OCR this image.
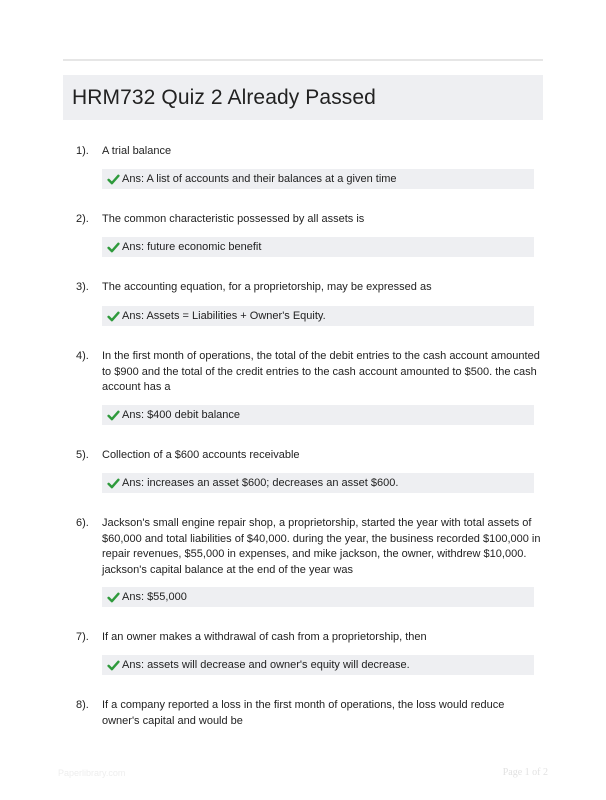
HRM732 Quiz 2 Already Passed
1). A trial balance
Ans: A list of accounts and their balances at a given time
2). The common characteristic possessed by all assets is
Ans: future economic benefit
3). The accounting equation, for a proprietorship, may be expressed as
Ans: Assets = Liabilities + Owner's Equity.
4). In the first month of operations, the total of the debit entries to the cash account amounted to $900 and the total of the credit entries to the cash account amounted to $500. the cash account has a
Ans: $400 debit balance
5). Collection of a $600 accounts receivable
Ans: increases an asset $600; decreases an asset $600.
6). Jackson's small engine repair shop, a proprietorship, started the year with total assets of $60,000 and total liabilities of $40,000. during the year, the business recorded $100,000 in repair revenues, $55,000 in expenses, and mike jackson, the owner, withdrew $10,000. jackson's capital balance at the end of the year was
Ans: $55,000
7). If an owner makes a withdrawal of cash from a proprietorship, then
Ans: assets will decrease and owner's equity will decrease.
8). If a company reported a loss in the first month of operations, the loss would reduce owner's capital and would be
Paperlibrary.com	Page 1 of 2
